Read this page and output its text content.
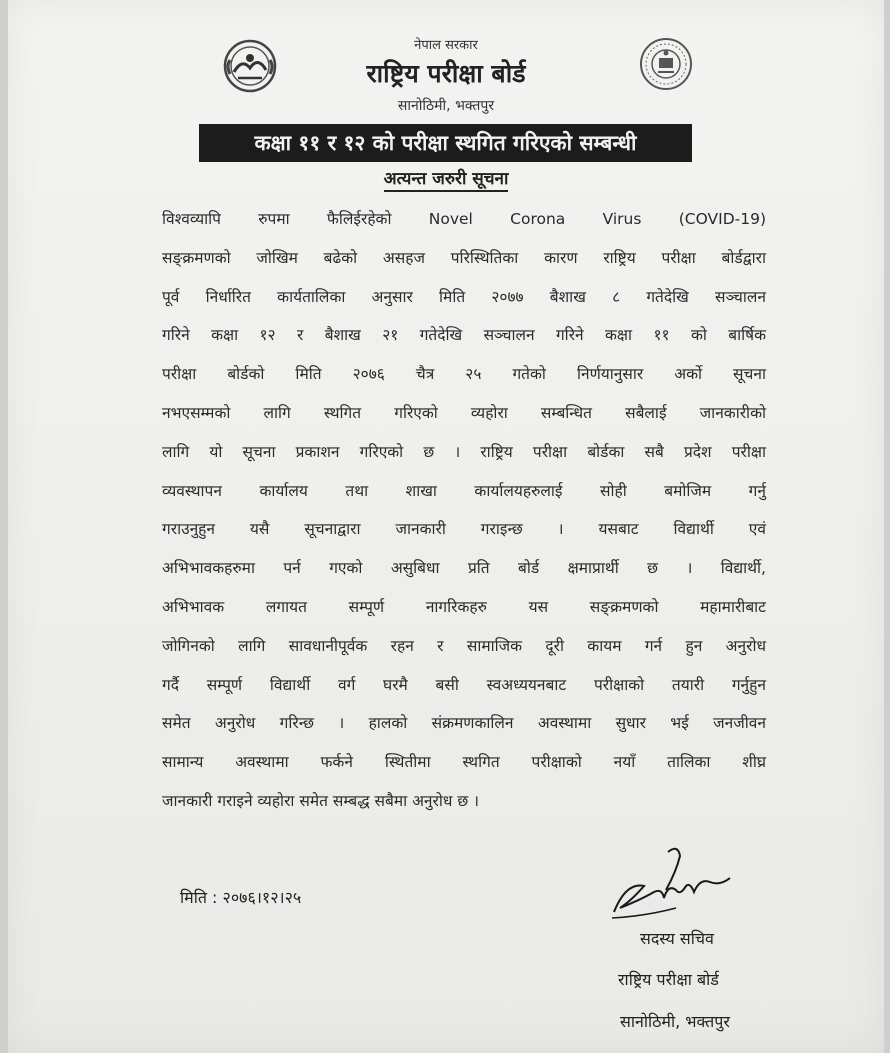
नेपाल सरकार
राष्ट्रिय परीक्षा बोर्ड
सानोठिमी, भक्तपुर
कक्षा ११ र १२ को परीक्षा स्थगित गरिएको सम्बन्धी
अत्यन्त जरुरी सूचना
विश्वव्यापि रुपमा फैलिईरहेको Novel Corona Virus (COVID-19)
सङ्क्रमणको जोखिम बढेको असहज परिस्थितिका कारण राष्ट्रिय परीक्षा बोर्डद्वारा
पूर्व निर्धारित कार्यतालिका अनुसार मिति २०७७ बैशाख ८ गतेदेखि सञ्चालन
गरिने कक्षा १२ र बैशाख २१ गतेदेखि सञ्चालन गरिने कक्षा ११ को बार्षिक
परीक्षा बोर्डको मिति २०७६ चैत्र २५ गतेको निर्णयानुसार अर्को सूचना
नभएसम्मको लागि स्थगित गरिएको व्यहोरा सम्बन्धित सबैलाई जानकारीको
लागि यो सूचना प्रकाशन गरिएको छ । राष्ट्रिय परीक्षा बोर्डका सबै प्रदेश परीक्षा
व्यवस्थापन कार्यालय तथा शाखा कार्यालयहरुलाई सोही बमोजिम गर्नु
गराउनुहुन यसै सूचनाद्वारा जानकारी गराइन्छ । यसबाट विद्यार्थी एवं
अभिभावकहरुमा पर्न गएको असुबिधा प्रति बोर्ड क्षमाप्रार्थी छ । विद्यार्थी,
अभिभावक लगायत सम्पूर्ण नागरिकहरु यस सङ्क्रमणको महामारीबाट
जोगिनको लागि सावधानीपूर्वक रहन र सामाजिक दूरी कायम गर्न हुन अनुरोध
गर्दै सम्पूर्ण विद्यार्थी वर्ग घरमै बसी स्वअध्ययनबाट परीक्षाको तयारी गर्नुहुन
समेत अनुरोध गरिन्छ । हालको संक्रमणकालिन अवस्थामा सुधार भई जनजीवन
सामान्य अवस्थामा फर्कने स्थितीमा स्थगित परीक्षाको नयाँ तालिका शीघ्र
जानकारी गराइने व्यहोरा समेत सम्बद्ध सबैमा अनुरोध छ ।
मिति : २०७६।१२।२५
सदस्य सचिव
राष्ट्रिय परीक्षा बोर्ड
सानोठिमी, भक्तपुर
